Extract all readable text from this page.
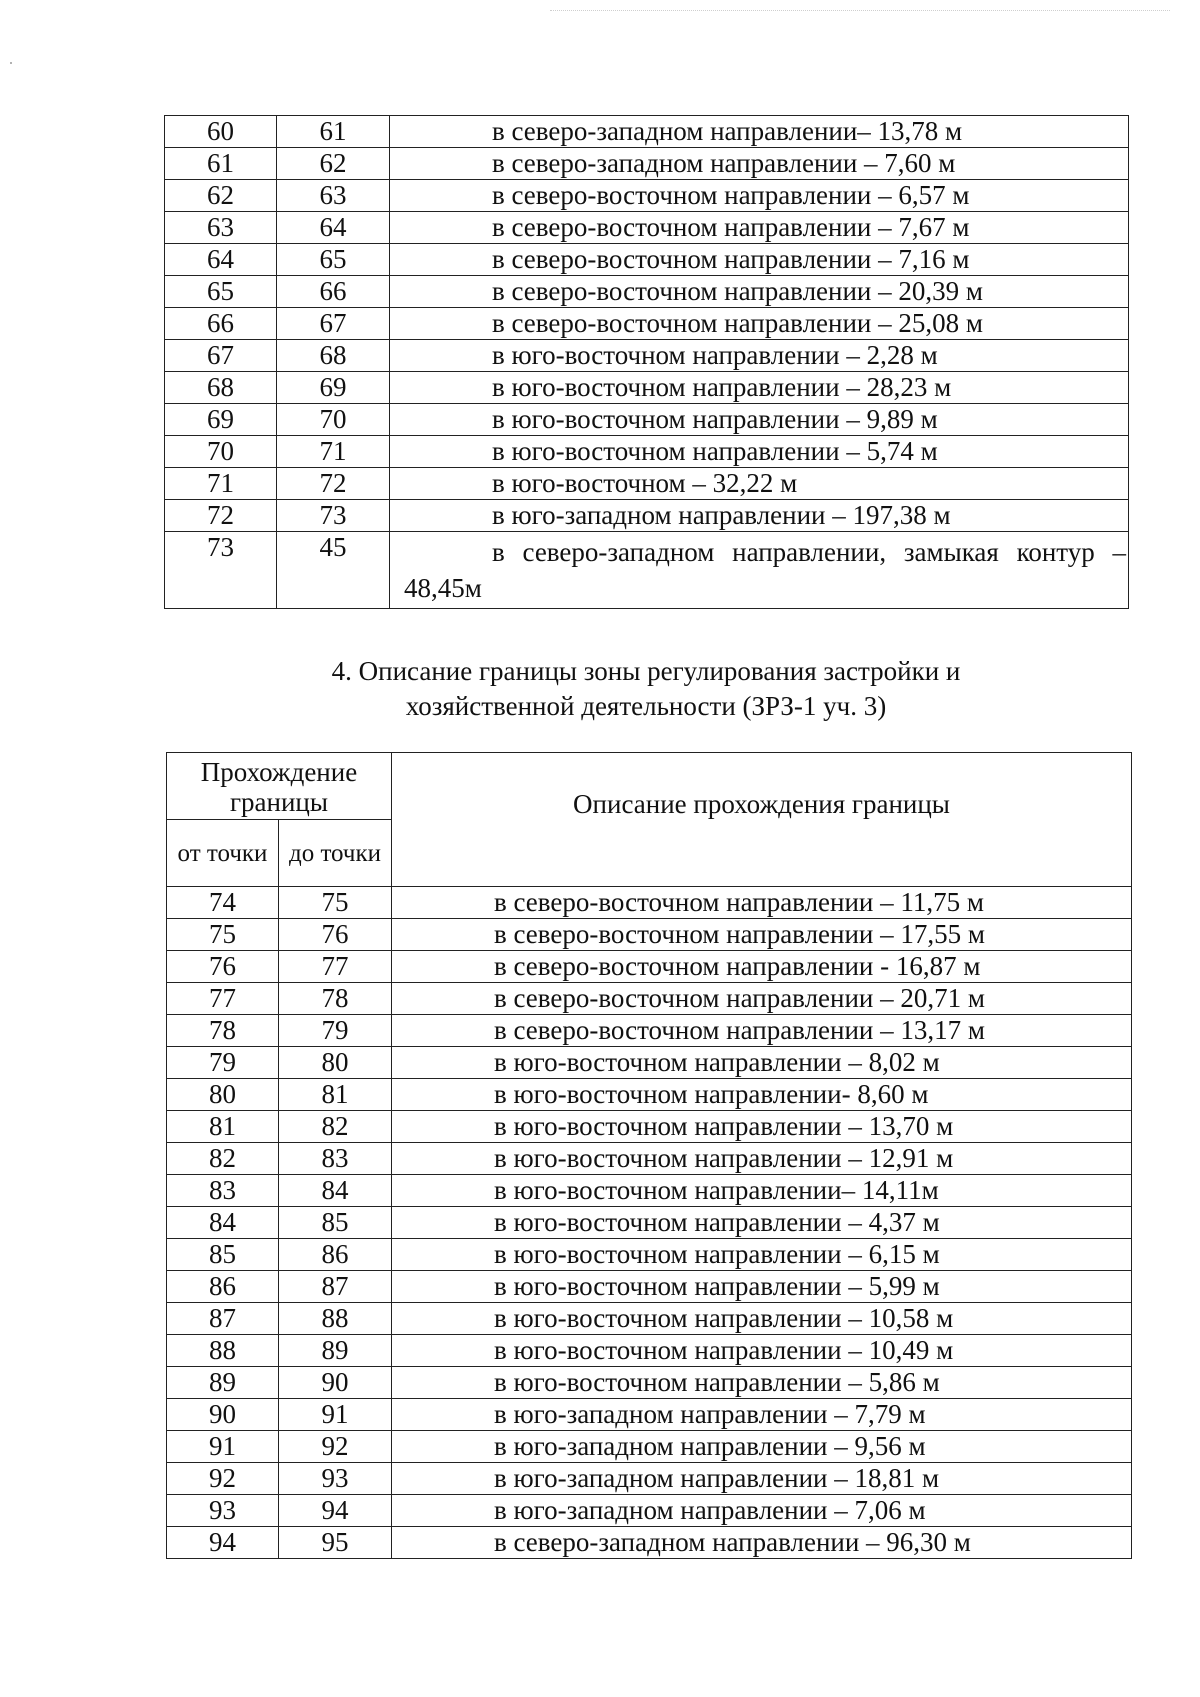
60	61	в северо-западном направлении– 13,78 м
61	62	в северо-западном направлении – 7,60 м
62	63	в северо-восточном направлении – 6,57 м
63	64	в северо-восточном направлении – 7,67 м
64	65	в северо-восточном направлении – 7,16 м
65	66	в северо-восточном направлении – 20,39 м
66	67	в северо-восточном направлении – 25,08 м
67	68	в юго-восточном направлении – 2,28 м
68	69	в юго-восточном направлении – 28,23 м
69	70	в юго-восточном направлении – 9,89 м
70	71	в юго-восточном направлении – 5,74 м
71	72	в юго-восточном – 32,22 м
72	73	в юго-западном направлении – 197,38 м
73	45	в северо-западном направлении, замыкая контур – 48,45м
4. Описание границы зоны регулирования застройки и
хозяйственной деятельности (ЗРЗ-1 уч. 3)
Прохождение границы		Описание прохождения границы
от точки	до точки	
74	75	в северо-восточном направлении – 11,75 м
75	76	в северо-восточном направлении – 17,55 м
76	77	в северо-восточном направлении - 16,87 м
77	78	в северо-восточном направлении – 20,71 м
78	79	в северо-восточном направлении – 13,17 м
79	80	в юго-восточном направлении – 8,02 м
80	81	в юго-восточном направлении- 8,60 м
81	82	в юго-восточном направлении – 13,70 м
82	83	в юго-восточном направлении – 12,91 м
83	84	в юго-восточном направлении– 14,11м
84	85	в юго-восточном направлении – 4,37 м
85	86	в юго-восточном направлении – 6,15 м
86	87	в юго-восточном направлении – 5,99 м
87	88	в юго-восточном направлении – 10,58 м
88	89	в юго-восточном направлении – 10,49 м
89	90	в юго-восточном направлении – 5,86 м
90	91	в юго-западном направлении – 7,79 м
91	92	в юго-западном направлении – 9,56 м
92	93	в юго-западном направлении – 18,81 м
93	94	в юго-западном направлении – 7,06 м
94	95	в северо-западном направлении – 96,30 м
